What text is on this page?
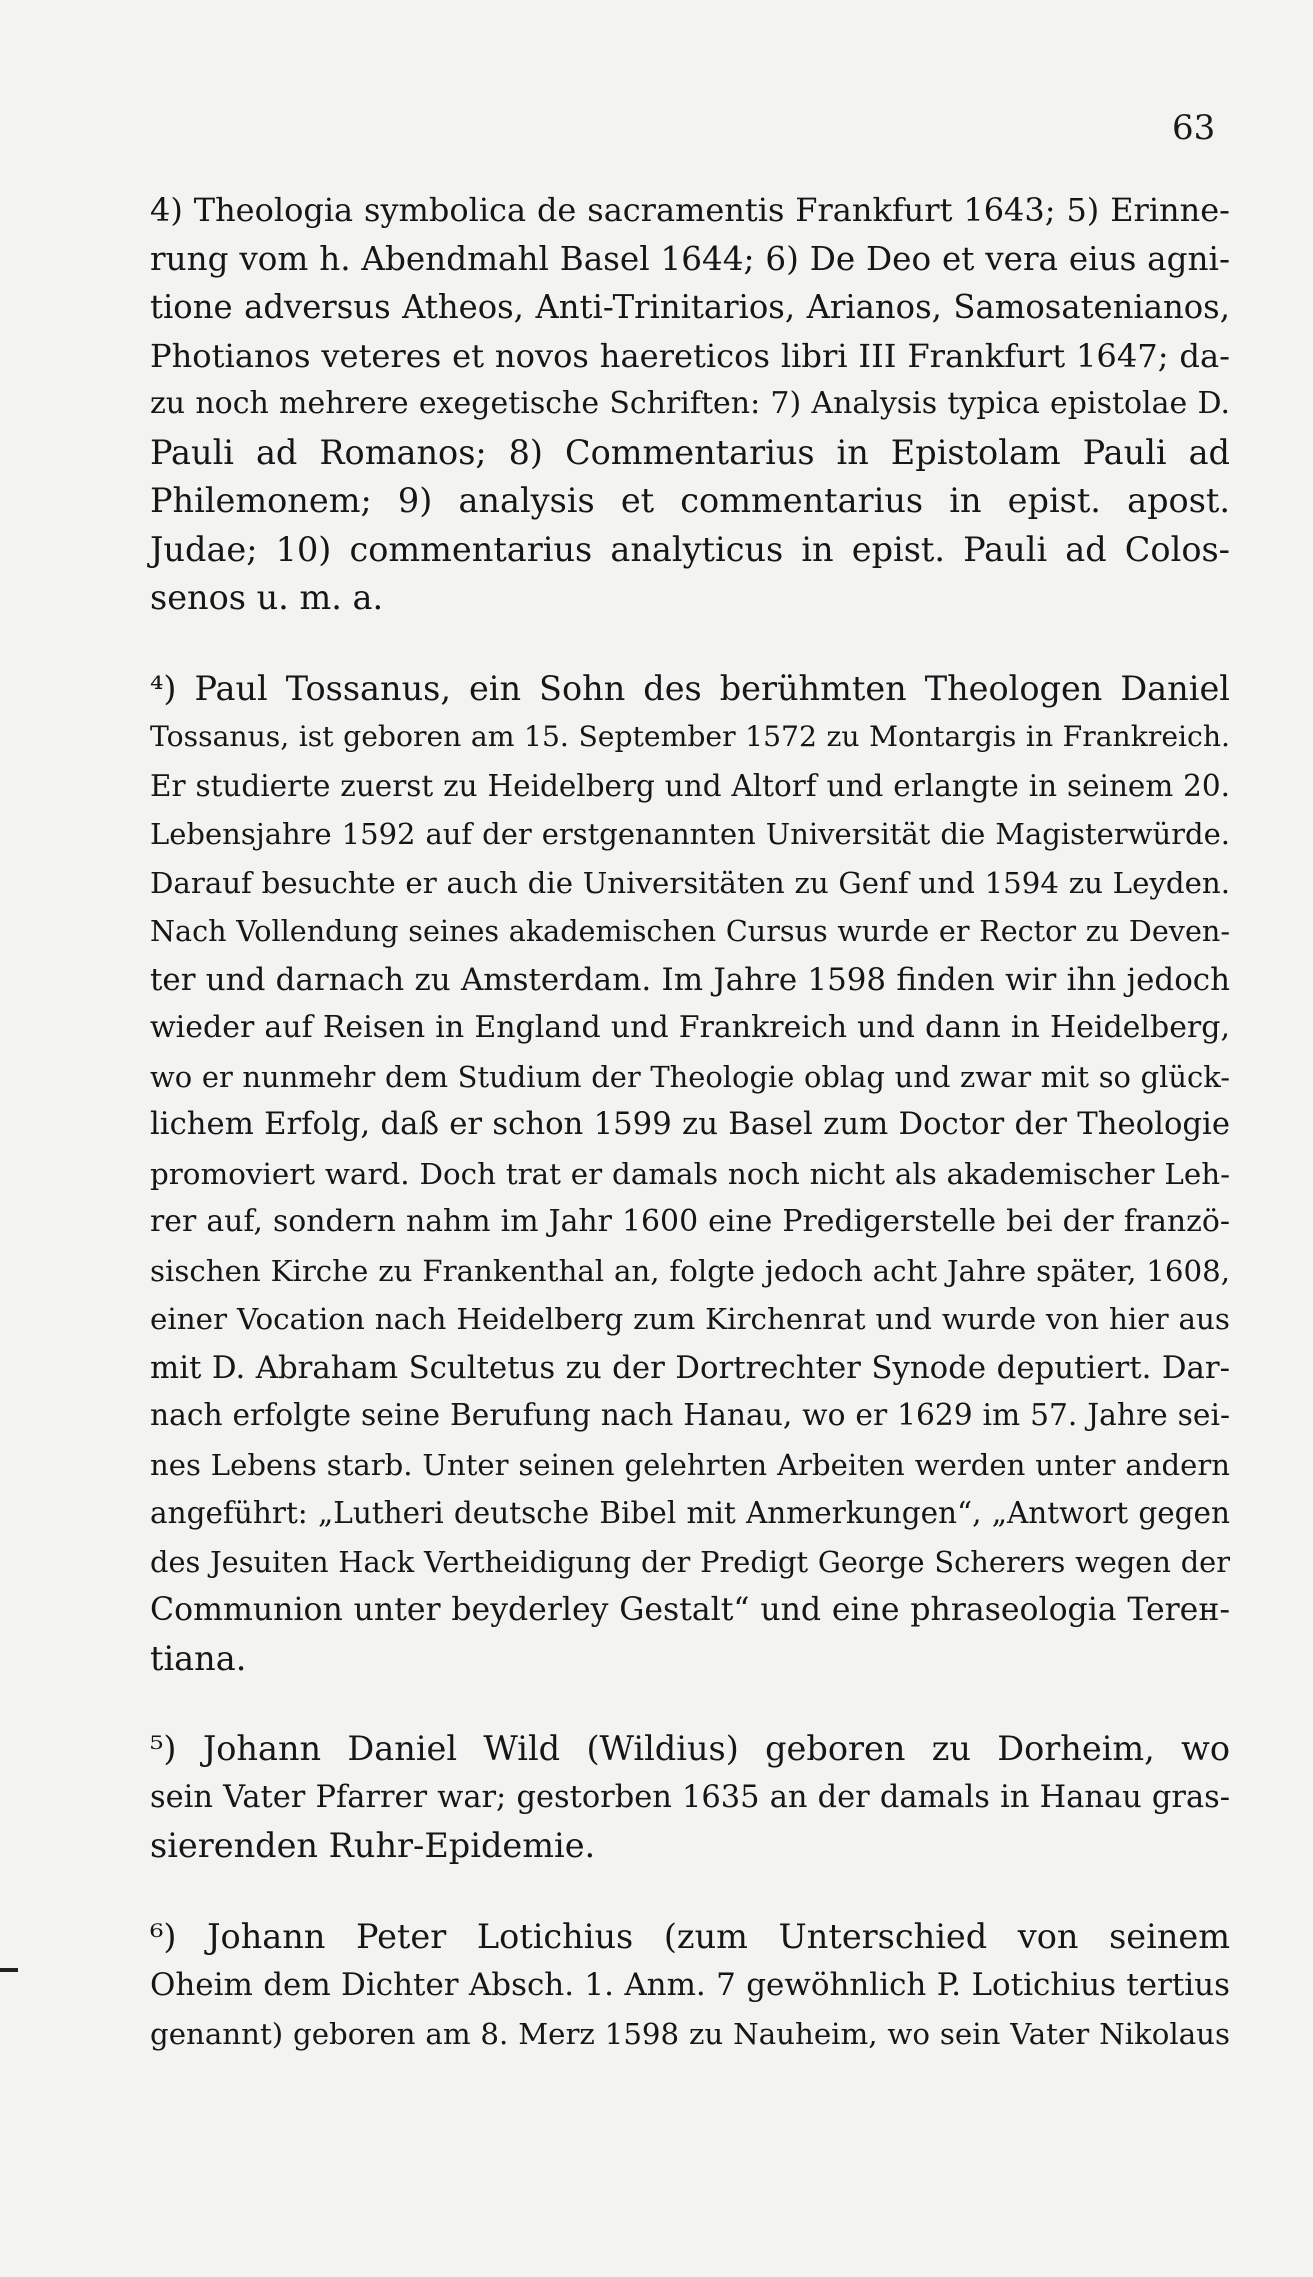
63
4) Theologia symbolica de sacramentis Frankfurt 1643; 5) Erinne-
rung vom h. Abendmahl Basel 1644; 6) De Deo et vera eius agni-
tione adversus Atheos, Anti-Trinitarios, Arianos, Samosatenianos,
Photianos veteres et novos haereticos libri III Frankfurt 1647; da-
zu noch mehrere exegetische Schriften: 7) Analysis typica epistolae D.
Pauli ad Romanos; 8) Commentarius in Epistolam Pauli ad
Philemonem; 9) analysis et commentarius in epist. apost.
Judae; 10) commentarius analyticus in epist. Pauli ad Colos-
senos u. m. a.
⁴) Paul Tossanus, ein Sohn des berühmten Theologen Daniel
Tossanus, ist geboren am 15. September 1572 zu Montargis in Frankreich.
Er studierte zuerst zu Heidelberg und Altorf und erlangte in seinem 20.
Lebensjahre 1592 auf der erstgenannten Universität die Magisterwürde.
Darauf besuchte er auch die Universitäten zu Genf und 1594 zu Leyden.
Nach Vollendung seines akademischen Cursus wurde er Rector zu Deven-
ter und darnach zu Amsterdam. Im Jahre 1598 finden wir ihn jedoch
wieder auf Reisen in England und Frankreich und dann in Heidelberg,
wo er nunmehr dem Studium der Theologie oblag und zwar mit so glück-
lichem Erfolg, daß er schon 1599 zu Basel zum Doctor der Theologie
promoviert ward. Doch trat er damals noch nicht als akademischer Leh-
rer auf, sondern nahm im Jahr 1600 eine Predigerstelle bei der franzö-
sischen Kirche zu Frankenthal an, folgte jedoch acht Jahre später, 1608,
einer Vocation nach Heidelberg zum Kirchenrat und wurde von hier aus
mit D. Abraham Scultetus zu der Dortrechter Synode deputiert. Dar-
nach erfolgte seine Berufung nach Hanau, wo er 1629 im 57. Jahre sei-
nes Lebens starb. Unter seinen gelehrten Arbeiten werden unter andern
angeführt: „Lutheri deutsche Bibel mit Anmerkungen“, „Antwort gegen
des Jesuiten Hack Vertheidigung der Predigt George Scherers wegen der
Communion unter beyderley Gestalt“ und eine phraseologia Terен-
tiana.
⁵) Johann Daniel Wild (Wildius) geboren zu Dorheim, wo
sein Vater Pfarrer war; gestorben 1635 an der damals in Hanau gras-
sierenden Ruhr-Epidemie.
⁶) Johann Peter Lotichius (zum Unterschied von seinem
Oheim dem Dichter Absch. 1. Anm. 7 gewöhnlich P. Lotichius tertius
genannt) geboren am 8. Merz 1598 zu Nauheim, wo sein Vater Nikolaus
